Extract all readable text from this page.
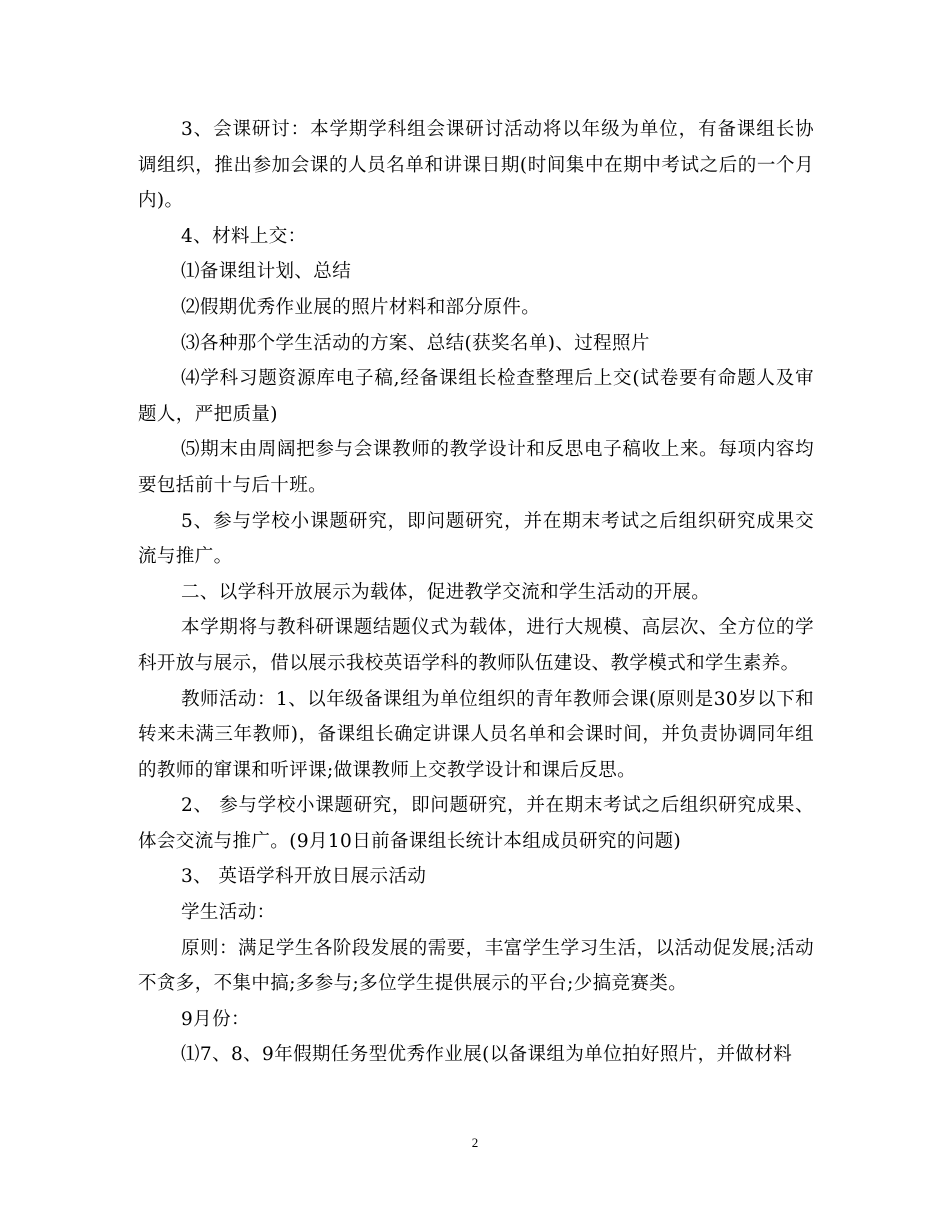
3、会课研讨：本学期学科组会课研讨活动将以年级为单位，有备课组长协调组织，推出参加会课的人员名单和讲课日期(时间集中在期中考试之后的一个月内)。

4、材料上交：

⑴备课组计划、总结

⑵假期优秀作业展的照片材料和部分原件。

⑶各种那个学生活动的方案、总结(获奖名单)、过程照片

⑷学科习题资源库电子稿,经备课组长检查整理后上交(试卷要有命题人及审题人，严把质量)

⑸期末由周阔把参与会课教师的教学设计和反思电子稿收上来。每项内容均要包括前十与后十班。

5、参与学校小课题研究，即问题研究，并在期末考试之后组织研究成果交流与推广。

二、以学科开放展示为载体，促进教学交流和学生活动的开展。

本学期将与教科研课题结题仪式为载体，进行大规模、高层次、全方位的学科开放与展示，借以展示我校英语学科的教师队伍建设、教学模式和学生素养。

教师活动：1、以年级备课组为单位组织的青年教师会课(原则是30岁以下和转来未满三年教师)，备课组长确定讲课人员名单和会课时间，并负责协调同年组的教师的窜课和听评课;做课教师上交教学设计和课后反思。

2、 参与学校小课题研究，即问题研究，并在期末考试之后组织研究成果、体会交流与推广。(9月10日前备课组长统计本组成员研究的问题)

3、 英语学科开放日展示活动

学生活动：

原则：满足学生各阶段发展的需要，丰富学生学习生活，以活动促发展;活动不贪多，不集中搞;多参与;多位学生提供展示的平台;少搞竞赛类。

9月份：

⑴7、8、9年假期任务型优秀作业展(以备课组为单位拍好照片，并做材料

2
